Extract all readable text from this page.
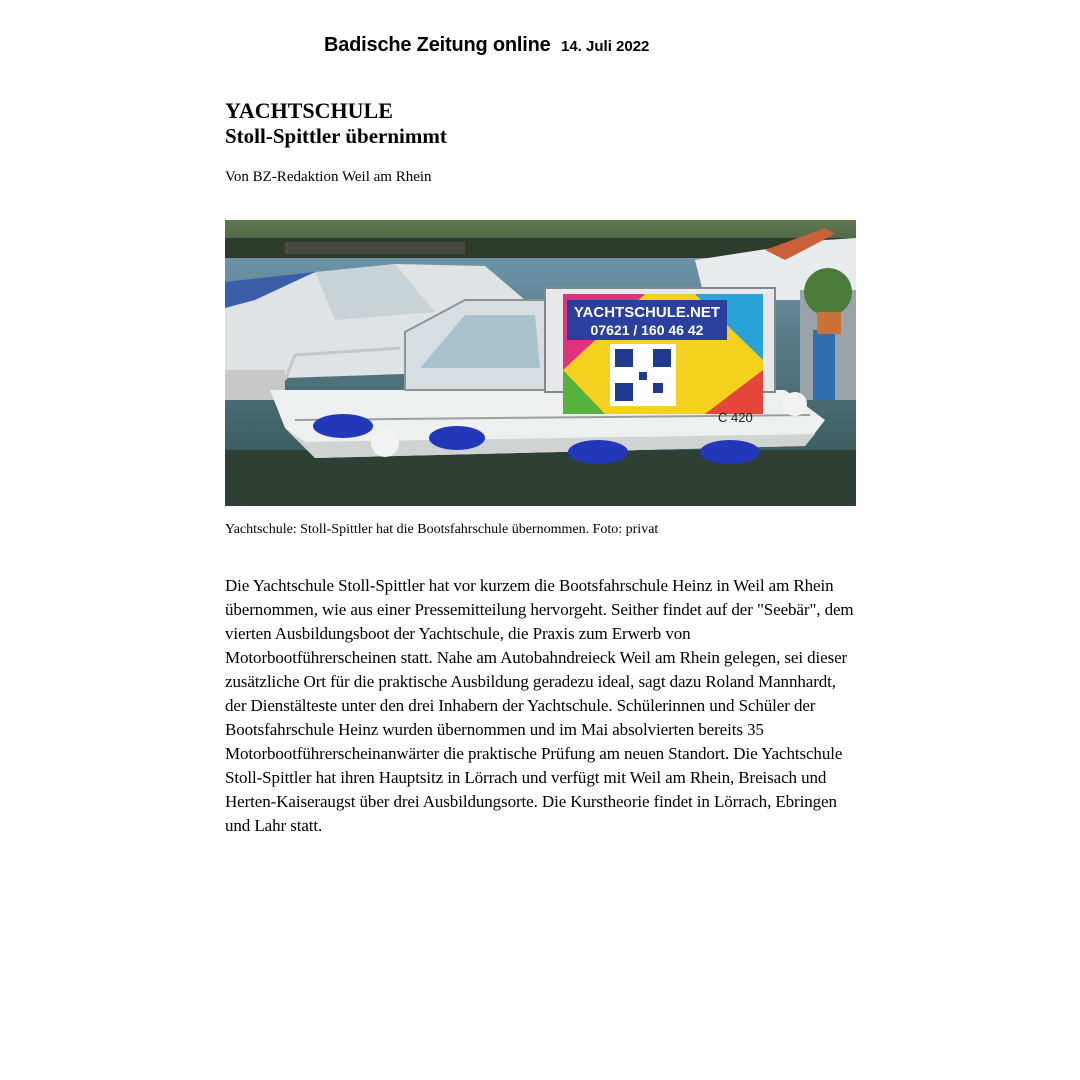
Badische Zeitung online 14. Juli 2022
YACHTSCHULE
Stoll-Spittler übernimmt
Von BZ-Redaktion Weil am Rhein
YACHTSCHULE.NET
07621 / 160 46 42
C 420
Yachtschule: Stoll-Spittler hat die Bootsfahrschule übernommen. Foto: privat
Die Yachtschule Stoll-Spittler hat vor kurzem die Bootsfahrschule Heinz in Weil am Rhein übernommen, wie aus einer Pressemitteilung hervorgeht. Seither findet auf der "Seebär", dem vierten Ausbildungsboot der Yachtschule, die Praxis zum Erwerb von Motorbootführerscheinen statt. Nahe am Autobahndreieck Weil am Rhein gelegen, sei dieser zusätzliche Ort für die praktische Ausbildung geradezu ideal, sagt dazu Roland Mannhardt, der Dienstälteste unter den drei Inhabern der Yachtschule. Schülerinnen und Schüler der Bootsfahrschule Heinz wurden übernommen und im Mai absolvierten bereits 35 Motorbootführerscheinanwärter die praktische Prüfung am neuen Standort. Die Yachtschule Stoll-Spittler hat ihren Hauptsitz in Lörrach und verfügt mit Weil am Rhein, Breisach und Herten-Kaiseraugst über drei Ausbildungsorte. Die Kurstheorie findet in Lörrach, Ebringen und Lahr statt.
